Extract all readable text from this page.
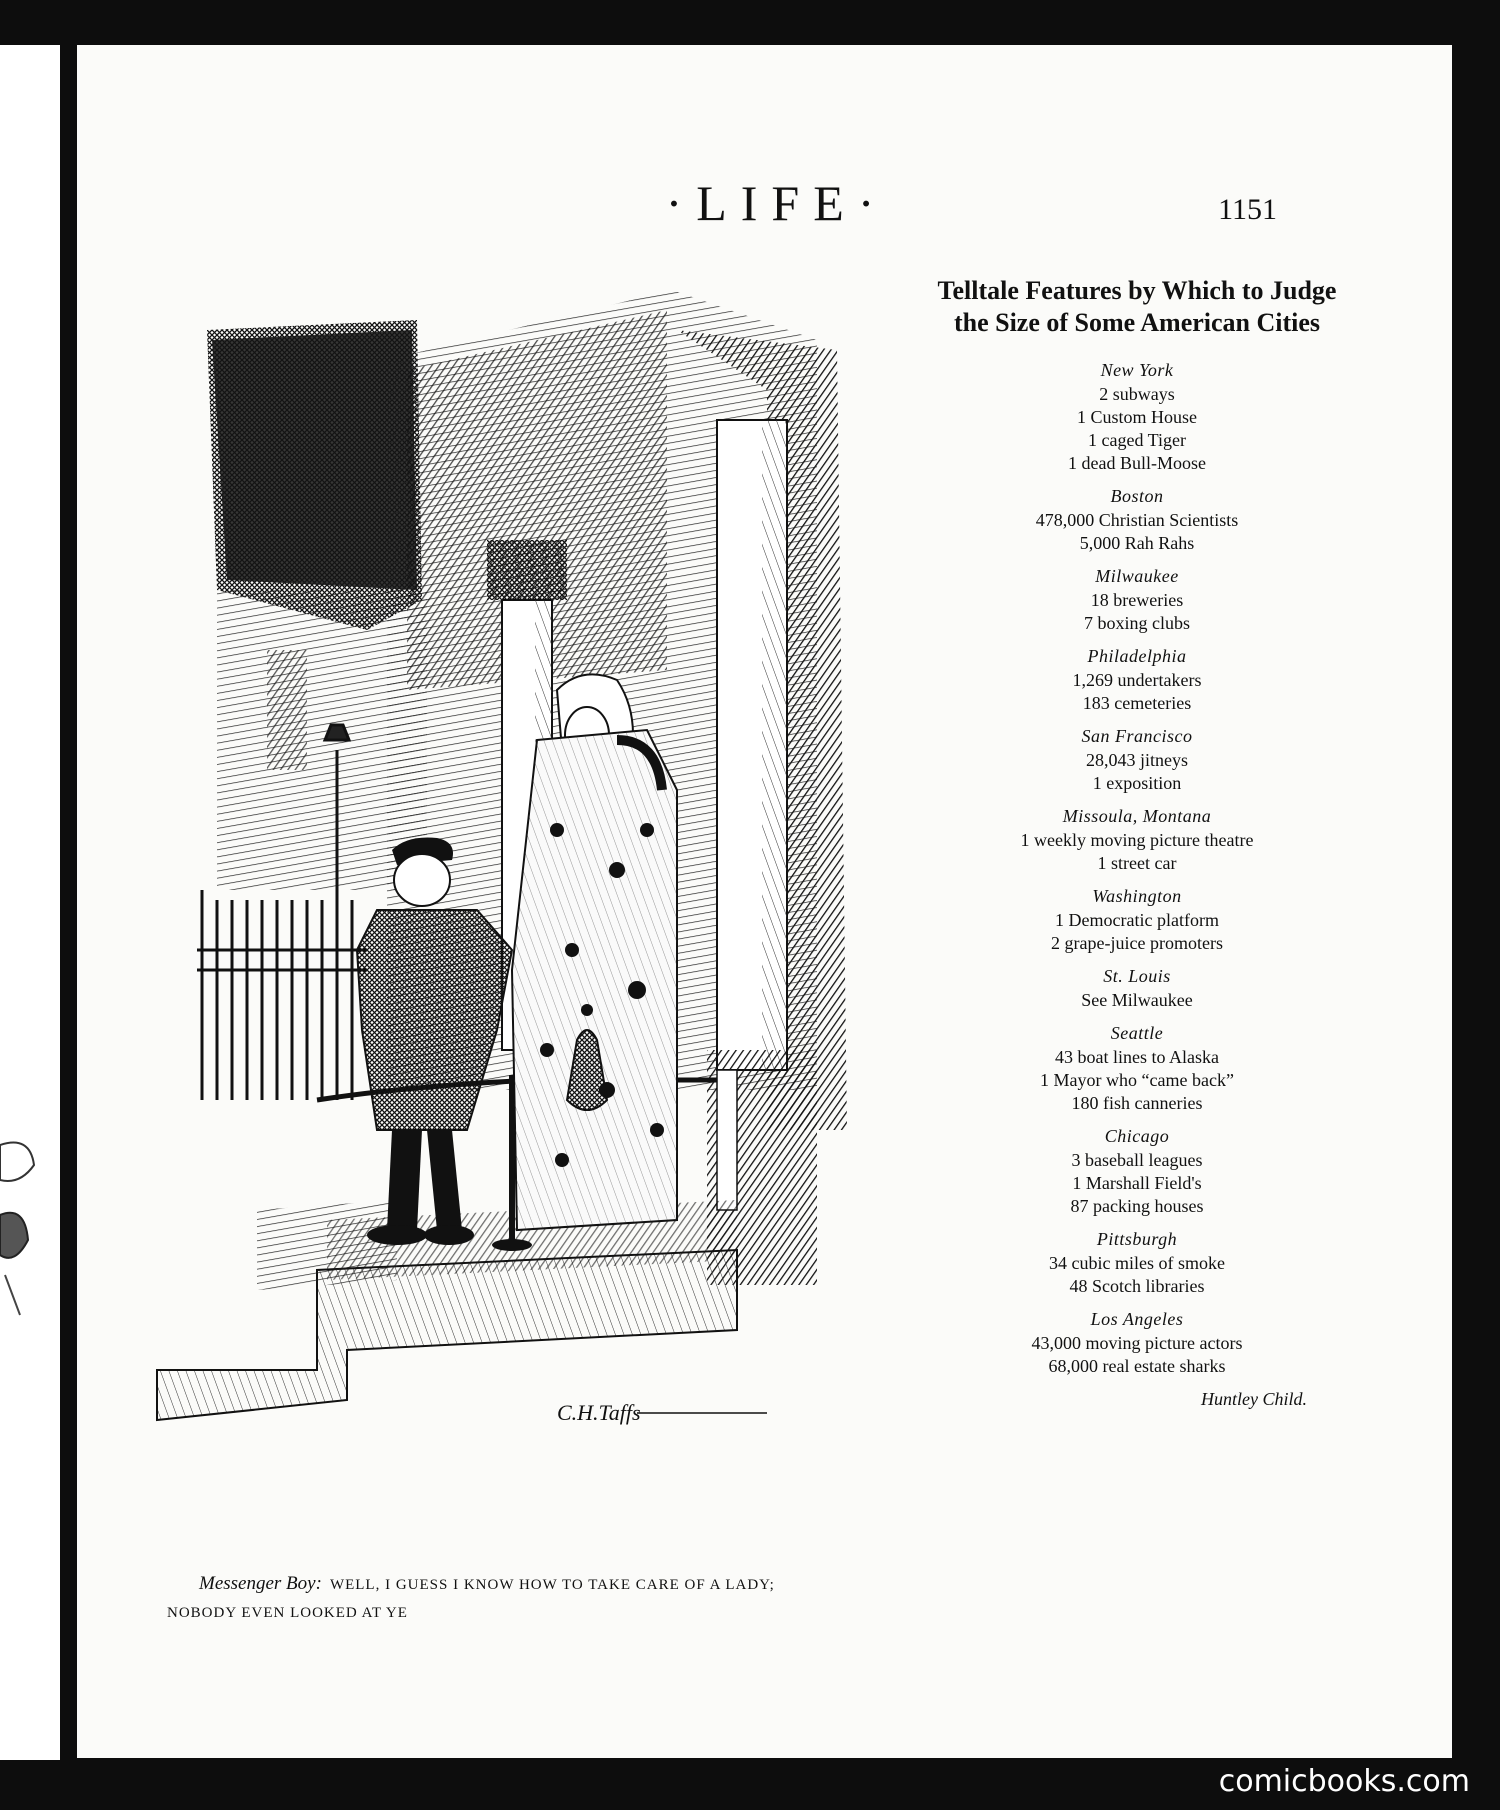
·LIFE·	1151
C.H.Taffs
Messenger Boy: WELL, I GUESS I KNOW HOW TO TAKE CARE OF A LADY;
NOBODY EVEN LOOKED AT YE
Telltale Features by Which to Judge the Size of Some American Cities
New York
2 subways
1 Custom House
1 caged Tiger
1 dead Bull-Moose
Boston
478,000 Christian Scientists
5,000 Rah Rahs
Milwaukee
18 breweries
7 boxing clubs
Philadelphia
1,269 undertakers
183 cemeteries
San Francisco
28,043 jitneys
1 exposition
Missoula, Montana
1 weekly moving picture theatre
1 street car
Washington
1 Democratic platform
2 grape-juice promoters
St. Louis
See Milwaukee
Seattle
43 boat lines to Alaska
1 Mayor who “came back”
180 fish canneries
Chicago
3 baseball leagues
1 Marshall Field's
87 packing houses
Pittsburgh
34 cubic miles of smoke
48 Scotch libraries
Los Angeles
43,000 moving picture actors
68,000 real estate sharks
Huntley Child.
comicbooks.com
